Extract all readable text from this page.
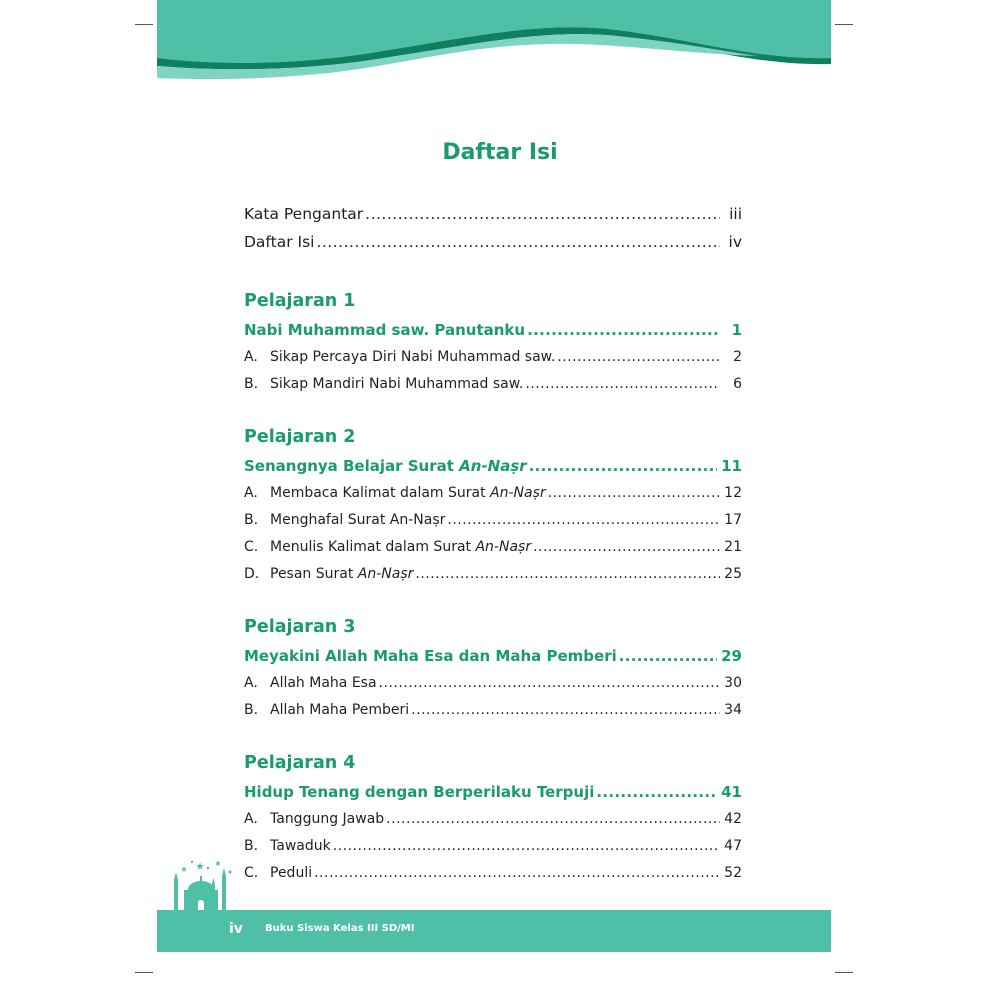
Daftar Isi
Kata Pengantar .....	iii
Daftar Isi .....	iv
Pelajaran 1
Nabi Muhammad saw. Panutanku .....	1
A. Sikap Percaya Diri Nabi Muhammad saw. .....	2
B. Sikap Mandiri Nabi Muhammad saw. .....	6
Pelajaran 2
Senangnya Belajar Surat An-Naṣr .....	11
A. Membaca Kalimat dalam Surat An-Naṣr .....	12
B. Menghafal Surat An-Naṣr .....	17
C. Menulis Kalimat dalam Surat An-Naṣr .....	21
D. Pesan Surat An-Naṣr .....	25
Pelajaran 3
Meyakini Allah Maha Esa dan Maha Pemberi .....	29
A. Allah Maha Esa .....	30
B. Allah Maha Pemberi .....	34
Pelajaran 4
Hidup Tenang dengan Berperilaku Terpuji .....	41
A. Tanggung Jawab .....	42
B. Tawaduk .....	47
C. Peduli .....	52
iv Buku Siswa Kelas III SD/MI
